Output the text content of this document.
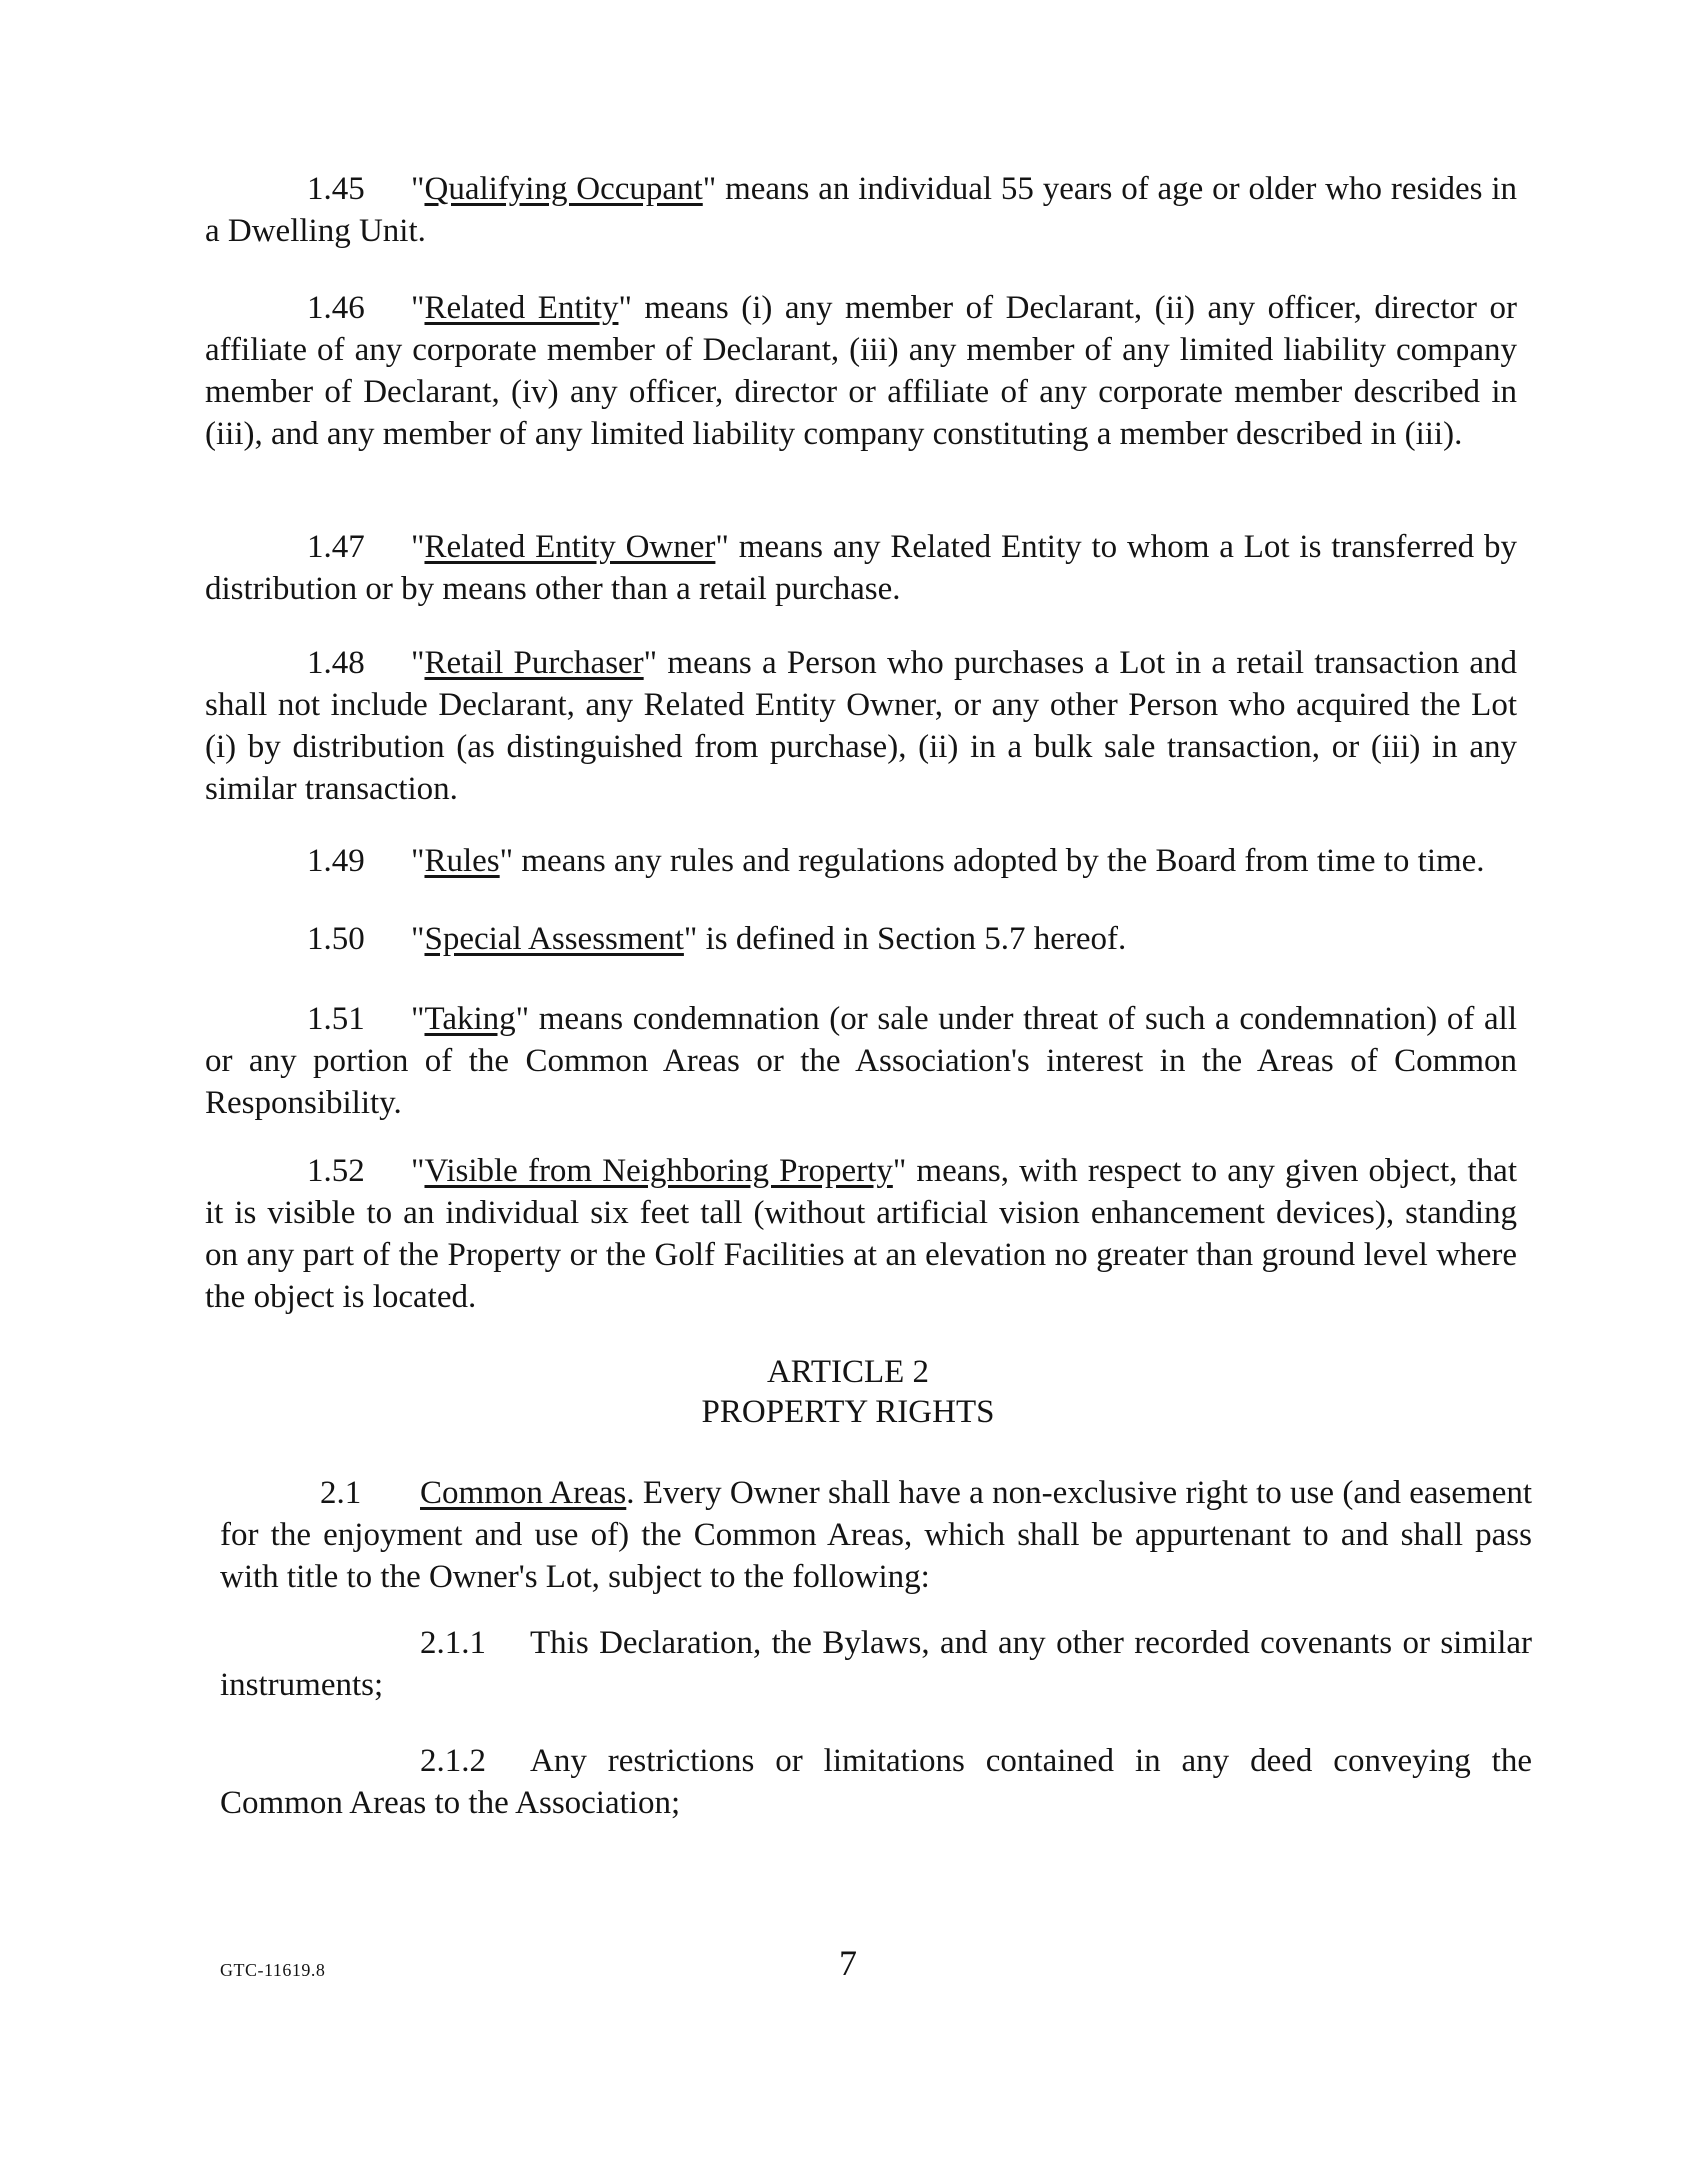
1.45 "Qualifying Occupant" means an individual 55 years of age or older who resides in a Dwelling Unit.

1.46 "Related Entity" means (i) any member of Declarant, (ii) any officer, director or affiliate of any corporate member of Declarant, (iii) any member of any limited liability company member of Declarant, (iv) any officer, director or affiliate of any corporate member described in (iii), and any member of any limited liability company constituting a member described in (iii).

1.47 "Related Entity Owner" means any Related Entity to whom a Lot is transferred by distribution or by means other than a retail purchase.

1.48 "Retail Purchaser" means a Person who purchases a Lot in a retail transaction and shall not include Declarant, any Related Entity Owner, or any other Person who acquired the Lot (i) by distribution (as distinguished from purchase), (ii) in a bulk sale transaction, or (iii) in any similar transaction.

1.49 "Rules" means any rules and regulations adopted by the Board from time to time.

1.50 "Special Assessment" is defined in Section 5.7 hereof.

1.51 "Taking" means condemnation (or sale under threat of such a condemnation) of all or any portion of the Common Areas or the Association's interest in the Areas of Common Responsibility.

1.52 "Visible from Neighboring Property" means, with respect to any given object, that it is visible to an individual six feet tall (without artificial vision enhancement devices), standing on any part of the Property or the Golf Facilities at an elevation no greater than ground level where the object is located.

ARTICLE 2

PROPERTY RIGHTS

2.1 Common Areas. Every Owner shall have a non-exclusive right to use (and easement for the enjoyment and use of) the Common Areas, which shall be appurtenant to and shall pass with title to the Owner's Lot, subject to the following:

2.1.1 This Declaration, the Bylaws, and any other recorded covenants or similar instruments;

2.1.2 Any restrictions or limitations contained in any deed conveying the Common Areas to the Association;

GTC-11619.8	7
